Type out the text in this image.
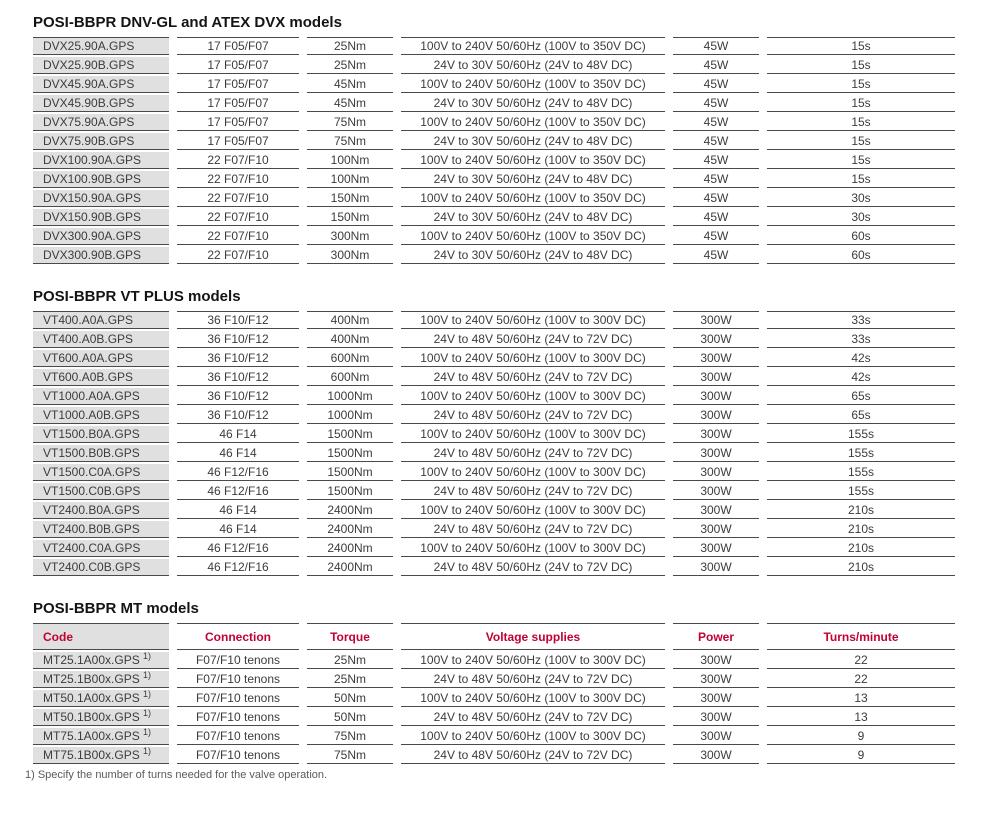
POSI-BBPR DNV-GL and ATEX DVX models
DVX25.90A.GPS	17 F05/F07	25Nm	100V to 240V 50/60Hz (100V to 350V DC)	45W	15s
DVX25.90B.GPS	17 F05/F07	25Nm	24V to 30V 50/60Hz (24V to 48V DC)	45W	15s
DVX45.90A.GPS	17 F05/F07	45Nm	100V to 240V 50/60Hz (100V to 350V DC)	45W	15s
DVX45.90B.GPS	17 F05/F07	45Nm	24V to 30V 50/60Hz (24V to 48V DC)	45W	15s
DVX75.90A.GPS	17 F05/F07	75Nm	100V to 240V 50/60Hz (100V to 350V DC)	45W	15s
DVX75.90B.GPS	17 F05/F07	75Nm	24V to 30V 50/60Hz (24V to 48V DC)	45W	15s
DVX100.90A.GPS	22 F07/F10	100Nm	100V to 240V 50/60Hz (100V to 350V DC)	45W	15s
DVX100.90B.GPS	22 F07/F10	100Nm	24V to 30V 50/60Hz (24V to 48V DC)	45W	15s
DVX150.90A.GPS	22 F07/F10	150Nm	100V to 240V 50/60Hz (100V to 350V DC)	45W	30s
DVX150.90B.GPS	22 F07/F10	150Nm	24V to 30V 50/60Hz (24V to 48V DC)	45W	30s
DVX300.90A.GPS	22 F07/F10	300Nm	100V to 240V 50/60Hz (100V to 350V DC)	45W	60s
DVX300.90B.GPS	22 F07/F10	300Nm	24V to 30V 50/60Hz (24V to 48V DC)	45W	60s
POSI-BBPR VT PLUS models
VT400.A0A.GPS	36 F10/F12	400Nm	100V to 240V 50/60Hz (100V to 300V DC)	300W	33s
VT400.A0B.GPS	36 F10/F12	400Nm	24V to 48V 50/60Hz (24V to 72V DC)	300W	33s
VT600.A0A.GPS	36 F10/F12	600Nm	100V to 240V 50/60Hz (100V to 300V DC)	300W	42s
VT600.A0B.GPS	36 F10/F12	600Nm	24V to 48V 50/60Hz (24V to 72V DC)	300W	42s
VT1000.A0A.GPS	36 F10/F12	1000Nm	100V to 240V 50/60Hz (100V to 300V DC)	300W	65s
VT1000.A0B.GPS	36 F10/F12	1000Nm	24V to 48V 50/60Hz (24V to 72V DC)	300W	65s
VT1500.B0A.GPS	46 F14	1500Nm	100V to 240V 50/60Hz (100V to 300V DC)	300W	155s
VT1500.B0B.GPS	46 F14	1500Nm	24V to 48V 50/60Hz (24V to 72V DC)	300W	155s
VT1500.C0A.GPS	46 F12/F16	1500Nm	100V to 240V 50/60Hz (100V to 300V DC)	300W	155s
VT1500.C0B.GPS	46 F12/F16	1500Nm	24V to 48V 50/60Hz (24V to 72V DC)	300W	155s
VT2400.B0A.GPS	46 F14	2400Nm	100V to 240V 50/60Hz (100V to 300V DC)	300W	210s
VT2400.B0B.GPS	46 F14	2400Nm	24V to 48V 50/60Hz (24V to 72V DC)	300W	210s
VT2400.C0A.GPS	46 F12/F16	2400Nm	100V to 240V 50/60Hz (100V to 300V DC)	300W	210s
VT2400.C0B.GPS	46 F12/F16	2400Nm	24V to 48V 50/60Hz (24V to 72V DC)	300W	210s
POSI-BBPR MT models
Code	Connection	Torque	Voltage supplies	Power	Turns/minute
MT25.1A00x.GPS $^{1)}$	F07/F10 tenons	25Nm	100V to 240V 50/60Hz (100V to 300V DC)	300W	22
MT25.1B00x.GPS $^{1)}$	F07/F10 tenons	25Nm	24V to 48V 50/60Hz (24V to 72V DC)	300W	22
MT50.1A00x.GPS $^{1)}$	F07/F10 tenons	50Nm	100V to 240V 50/60Hz (100V to 300V DC)	300W	13
MT50.1B00x.GPS $^{1)}$	F07/F10 tenons	50Nm	24V to 48V 50/60Hz (24V to 72V DC)	300W	13
MT75.1A00x.GPS $^{1)}$	F07/F10 tenons	75Nm	100V to 240V 50/60Hz (100V to 300V DC)	300W	9
MT75.1B00x.GPS $^{1)}$	F07/F10 tenons	75Nm	24V to 48V 50/60Hz (24V to 72V DC)	300W	9

1) Specify the number of turns needed for the valve operation.
